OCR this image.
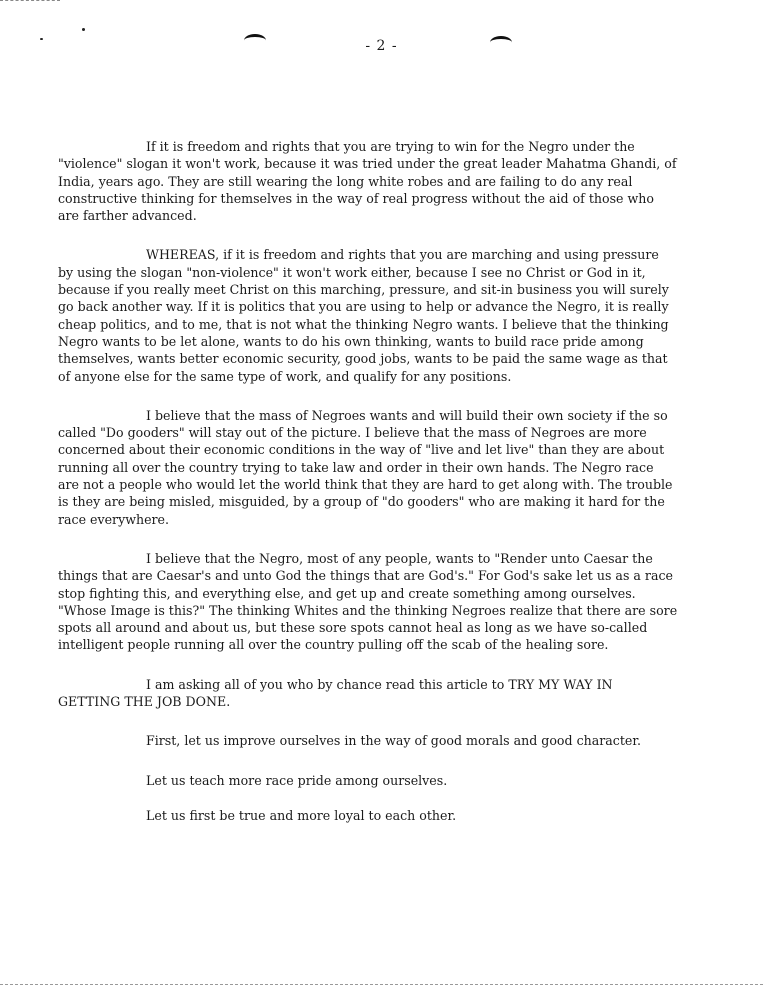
- 2 -

If it is freedom and rights that you are trying to win for the Negro under the "violence" slogan it won't work, because it was tried under the great leader Mahatma Ghandi, of India, years ago. They are still wearing the long white robes and are failing to do any real constructive thinking for themselves in the way of real progress without the aid of those who are farther advanced.

WHEREAS, if it is freedom and rights that you are marching and using pressure by using the slogan "non-violence" it won't work either, because I see no Christ or God in it, because if you really meet Christ on this marching, pressure, and sit-in business you will surely go back another way. If it is politics that you are using to help or advance the Negro, it is really cheap politics, and to me, that is not what the thinking Negro wants. I believe that the thinking Negro wants to be let alone, wants to do his own thinking, wants to build race pride among themselves, wants better economic security, good jobs, wants to be paid the same wage as that of anyone else for the same type of work, and qualify for any positions.

I believe that the mass of Negroes wants and will build their own society if the so called "Do gooders" will stay out of the picture. I believe that the mass of Negroes are more concerned about their economic conditions in the way of "live and let live" than they are about running all over the country trying to take law and order in their own hands. The Negro race are not a people who would let the world think that they are hard to get along with. The trouble is they are being misled, misguided, by a group of "do gooders" who are making it hard for the race everywhere.

I believe that the Negro, most of any people, wants to "Render unto Caesar the things that are Caesar's and unto God the things that are God's." For God's sake let us as a race stop fighting this, and everything else, and get up and create something among ourselves. "Whose Image is this?" The thinking Whites and the thinking Negroes realize that there are sore spots all around and about us, but these sore spots cannot heal as long as we have so-called intelligent people running all over the country pulling off the scab of the healing sore.

I am asking all of you who by chance read this article to TRY MY WAY IN GETTING THE JOB DONE.

First, let us improve ourselves in the way of good morals and good character.

Let us teach more race pride among ourselves.

Let us first be true and more loyal to each other.
